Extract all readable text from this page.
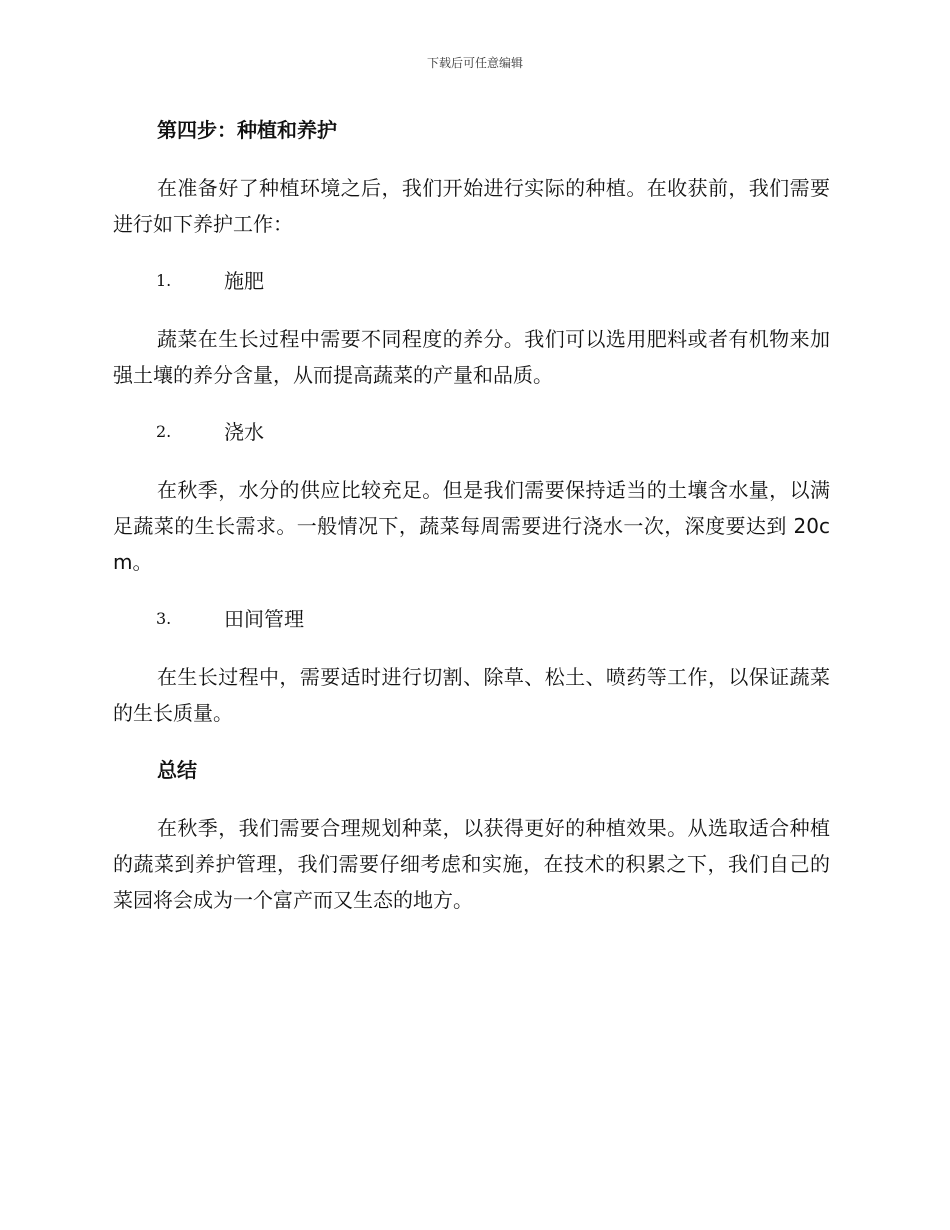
下载后可任意编辑
第四步：种植和养护

在准备好了种植环境之后，我们开始进行实际的种植。在收获前，我们需要进行如下养护工作：

1.	施肥

蔬菜在生长过程中需要不同程度的养分。我们可以选用肥料或者有机物来加强土壤的养分含量，从而提高蔬菜的产量和品质。

2.	浇水

在秋季，水分的供应比较充足。但是我们需要保持适当的土壤含水量，以满足蔬菜的生长需求。一般情况下，蔬菜每周需要进行浇水一次，深度要达到 20cm。

3.	田间管理

在生长过程中，需要适时进行切割、除草、松土、喷药等工作，以保证蔬菜的生长质量。

总结

在秋季，我们需要合理规划种菜，以获得更好的种植效果。从选取适合种植的蔬菜到养护管理，我们需要仔细考虑和实施，在技术的积累之下，我们自己的菜园将会成为一个富产而又生态的地方。
